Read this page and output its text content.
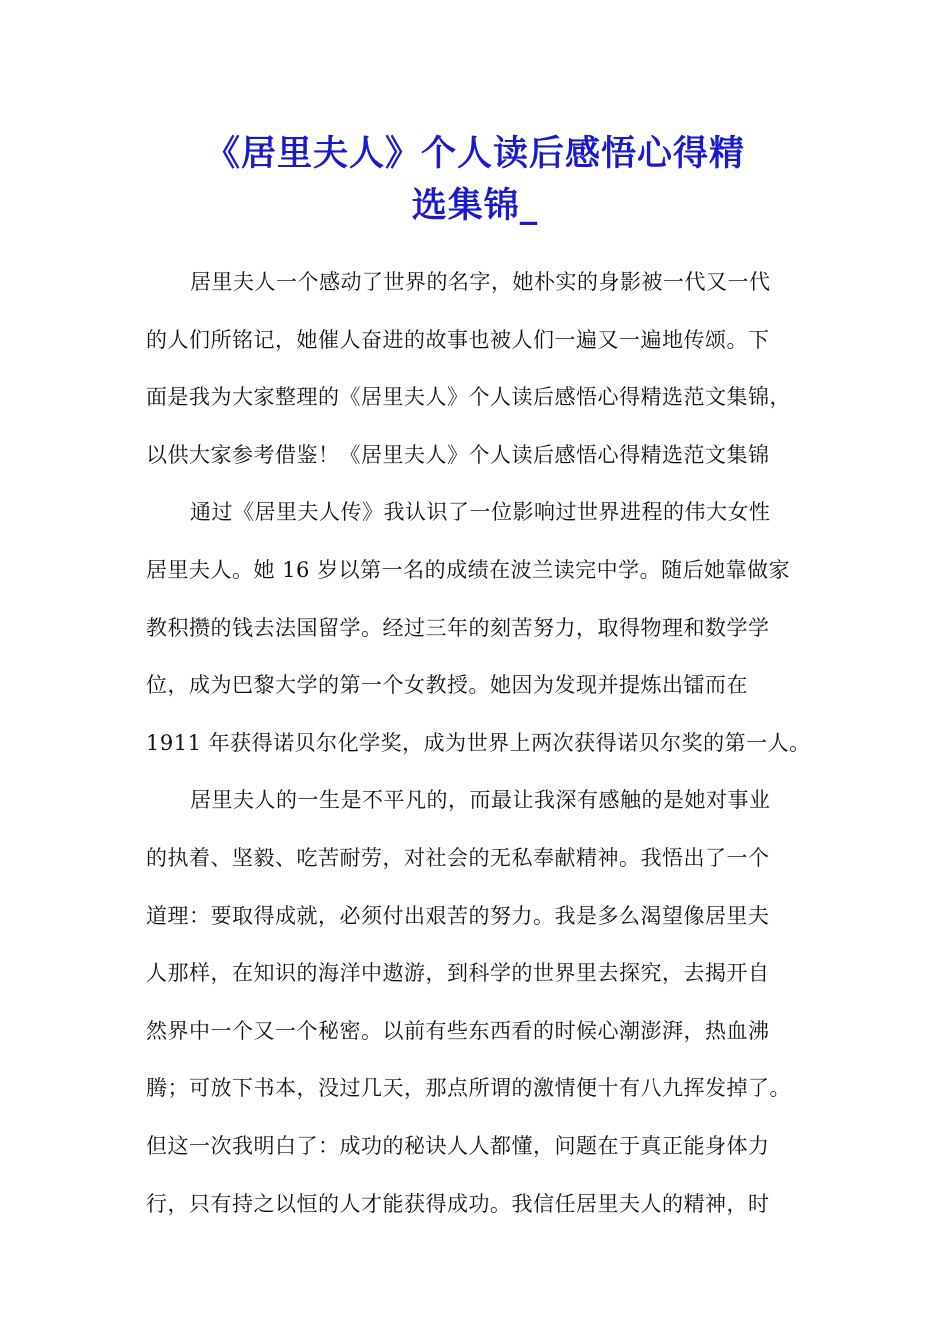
《居里夫人》个人读后感悟心得精
选集锦_
居里夫人一个感动了世界的名字，她朴实的身影被一代又一代
的人们所铭记，她催人奋进的故事也被人们一遍又一遍地传颂。下
面是我为大家整理的《居里夫人》个人读后感悟心得精选范文集锦，
以供大家参考借鉴！《居里夫人》个人读后感悟心得精选范文集锦
通过《居里夫人传》我认识了一位影响过世界进程的伟大女性
居里夫人。她 16 岁以第一名的成绩在波兰读完中学。随后她靠做家
教积攒的钱去法国留学。经过三年的刻苦努力，取得物理和数学学
位，成为巴黎大学的第一个女教授。她因为发现并提炼出镭而在
1911 年获得诺贝尔化学奖，成为世界上两次获得诺贝尔奖的第一人。
居里夫人的一生是不平凡的，而最让我深有感触的是她对事业
的执着、坚毅、吃苦耐劳，对社会的无私奉献精神。我悟出了一个
道理：要取得成就，必须付出艰苦的努力。我是多么渴望像居里夫
人那样，在知识的海洋中遨游，到科学的世界里去探究，去揭开自
然界中一个又一个秘密。以前有些东西看的时候心潮澎湃，热血沸
腾；可放下书本，没过几天，那点所谓的激情便十有八九挥发掉了。
但这一次我明白了：成功的秘诀人人都懂，问题在于真正能身体力
行，只有持之以恒的人才能获得成功。我信任居里夫人的精神，时
